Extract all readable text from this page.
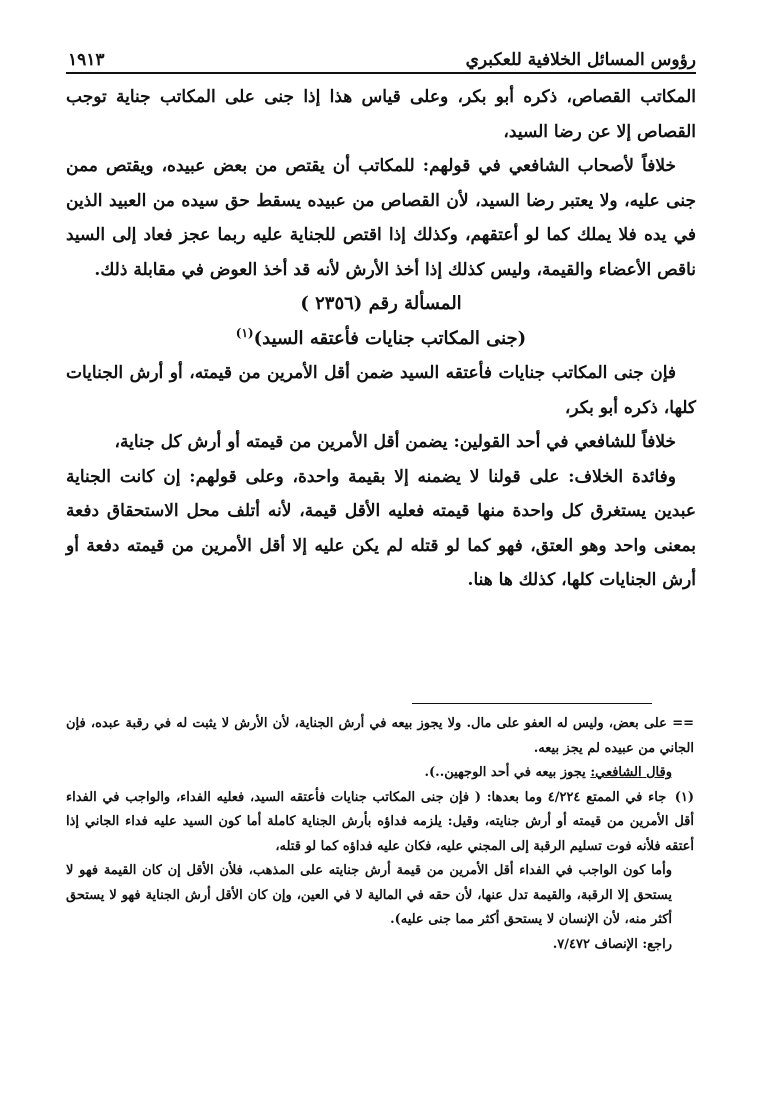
رؤوس المسائل الخلافية للعكبري
١٩١٣

المكاتب القصاص، ذكره أبو بكر، وعلى قياس هذا إذا جنى على المكاتب جناية توجب القصاص إلا عن رضا السيد،

خلافاً لأصحاب الشافعي في قولهم: للمكاتب أن يقتص من بعض عبيده، ويقتص ممن جنى عليه، ولا يعتبر رضا السيد، لأن القصاص من عبيده يسقط حق سيده من العبيد الذين في يده فلا يملك كما لو أعتقهم، وكذلك إذا اقتص للجناية عليه ربما عجز فعاد إلى السيد ناقص الأعضاء والقيمة، وليس كذلك إذا أخذ الأرش لأنه قد أخذ العوض في مقابلة ذلك.

المسألة رقم (٢٣٥٦ )

(جنى المكاتب جنايات فأعتقه السيد)$^{(١)}$

فإن جنى المكاتب جنايات فأعتقه السيد ضمن أقل الأمرين من قيمته، أو أرش الجنايات كلها، ذكره أبو بكر،

خلافاً للشافعي في أحد القولين: يضمن أقل الأمرين من قيمته أو أرش كل جناية،

وفائدة الخلاف: على قولنا لا يضمنه إلا بقيمة واحدة، وعلى قولهم: إن كانت الجناية عبدين يستغرق كل واحدة منها قيمته فعليه الأقل قيمة، لأنه أتلف محل الاستحقاق دفعة بمعنى واحد وهو العتق، فهو كما لو قتله لم يكن عليه إلا أقل الأمرين من قيمته دفعة أو أرش الجنايات كلها، كذلك ها هنا.

== على بعض، وليس له العفو على مال. ولا يجوز بيعه في أرش الجناية، لأن الأرش لا يثبت له في رقبة عبده، فإن الجاني من عبيده لم يجز بيعه.

وقال الشافعي: يجوز بيعه في أحد الوجهين..).

(١) جاء في الممتع ٤/٢٢٤ وما بعدها: ( فإن جنى المكاتب جنايات فأعتقه السيد، فعليه الفداء، والواجب في الفداء أقل الأمرين من قيمته أو أرش جنايته، وقيل: يلزمه فداؤه بأرش الجناية كاملة أما كون السيد عليه فداء الجاني إذا أعتقه فلأنه فوت تسليم الرقبة إلى المجني عليه، فكان عليه فداؤه كما لو قتله،

وأما كون الواجب في الفداء أقل الأمرين من قيمة أرش جنايته على المذهب، فلأن الأقل إن كان القيمة فهو لا يستحق إلا الرقبة، والقيمة تدل عنها، لأن حقه في المالية لا في العين، وإن كان الأقل أرش الجناية فهو لا يستحق أكثر منه، لأن الإنسان لا يستحق أكثر مما جنى عليه).

راجع: الإنصاف ٧/٤٧٢.
